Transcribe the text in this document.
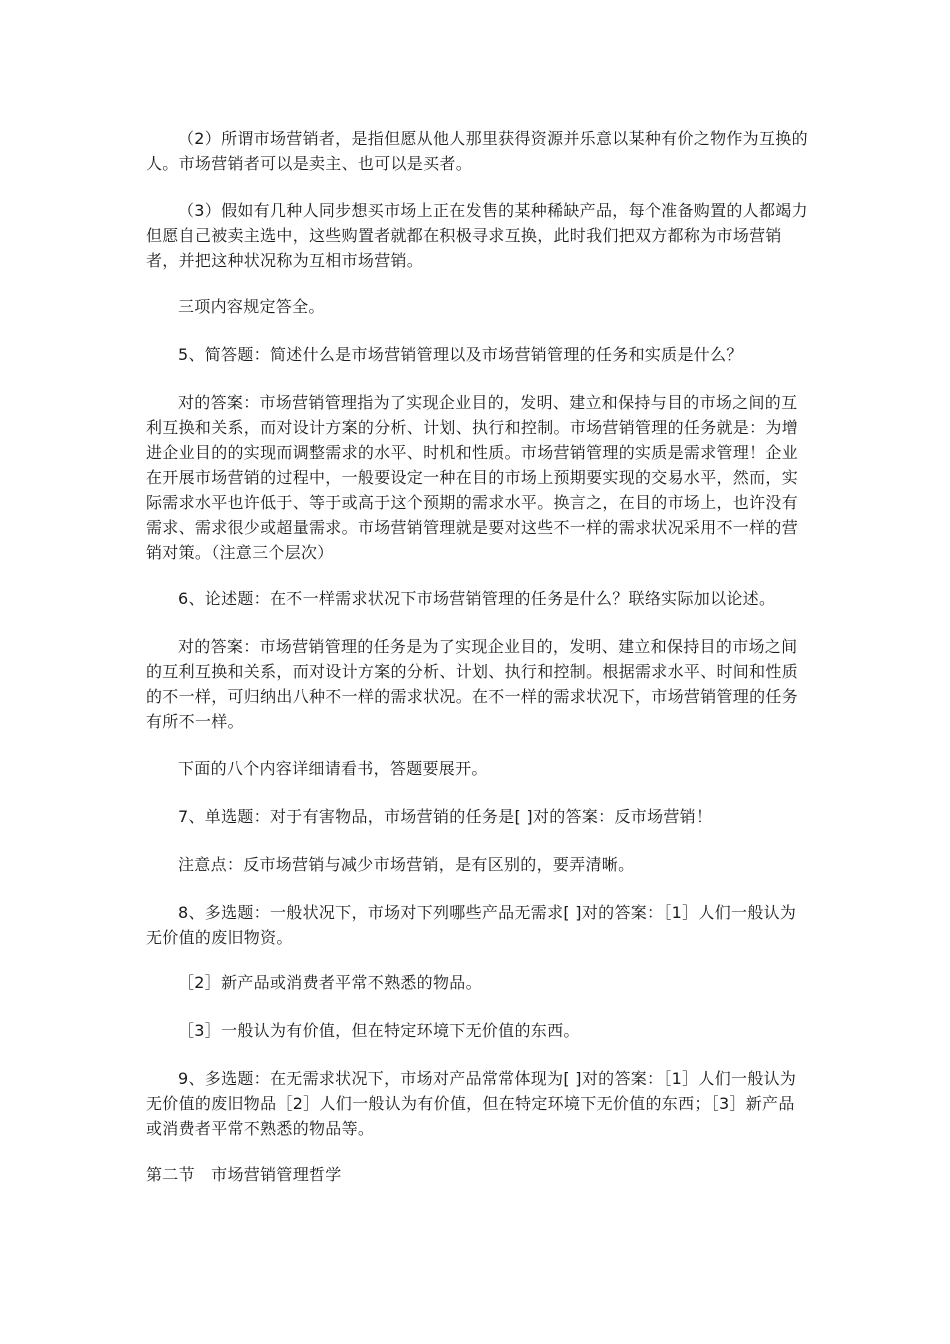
（2）所谓市场营销者，是指但愿从他人那里获得资源并乐意以某种有价之物作为互换的人。市场营销者可以是卖主、也可以是买者。

（3）假如有几种人同步想买市场上正在发售的某种稀缺产品，每个准备购置的人都竭力但愿自己被卖主选中，这些购置者就都在积极寻求互换，此时我们把双方都称为市场营销者，并把这种状况称为互相市场营销。

三项内容规定答全。

5、简答题：简述什么是市场营销管理以及市场营销管理的任务和实质是什么？

对的答案：市场营销管理指为了实现企业目的，发明、建立和保持与目的市场之间的互利互换和关系，而对设计方案的分析、计划、执行和控制。市场营销管理的任务就是：为增进企业目的的实现而调整需求的水平、时机和性质。市场营销管理的实质是需求管理！企业在开展市场营销的过程中，一般要设定一种在目的市场上预期要实现的交易水平，然而，实际需求水平也许低于、等于或高于这个预期的需求水平。换言之，在目的市场上，也许没有需求、需求很少或超量需求。市场营销管理就是要对这些不一样的需求状况采用不一样的营销对策。（注意三个层次）

6、论述题：在不一样需求状况下市场营销管理的任务是什么？联络实际加以论述。

对的答案：市场营销管理的任务是为了实现企业目的，发明、建立和保持目的市场之间的互利互换和关系，而对设计方案的分析、计划、执行和控制。根据需求水平、时间和性质的不一样，可归纳出八种不一样的需求状况。在不一样的需求状况下，市场营销管理的任务有所不一样。

下面的八个内容详细请看书，答题要展开。

7、单选题：对于有害物品，市场营销的任务是[ ]对的答案：反市场营销！

注意点：反市场营销与减少市场营销，是有区别的，要弄清晰。

8、多选题：一般状况下，市场对下列哪些产品无需求[ ]对的答案：［1］人们一般认为无价值的废旧物资。

［2］新产品或消费者平常不熟悉的物品。

［3］一般认为有价值，但在特定环境下无价值的东西。

9、多选题：在无需求状况下，市场对产品常常体现为[ ]对的答案：［1］人们一般认为无价值的废旧物品［2］人们一般认为有价值，但在特定环境下无价值的东西；［3］新产品或消费者平常不熟悉的物品等。

第二节　市场营销管理哲学
